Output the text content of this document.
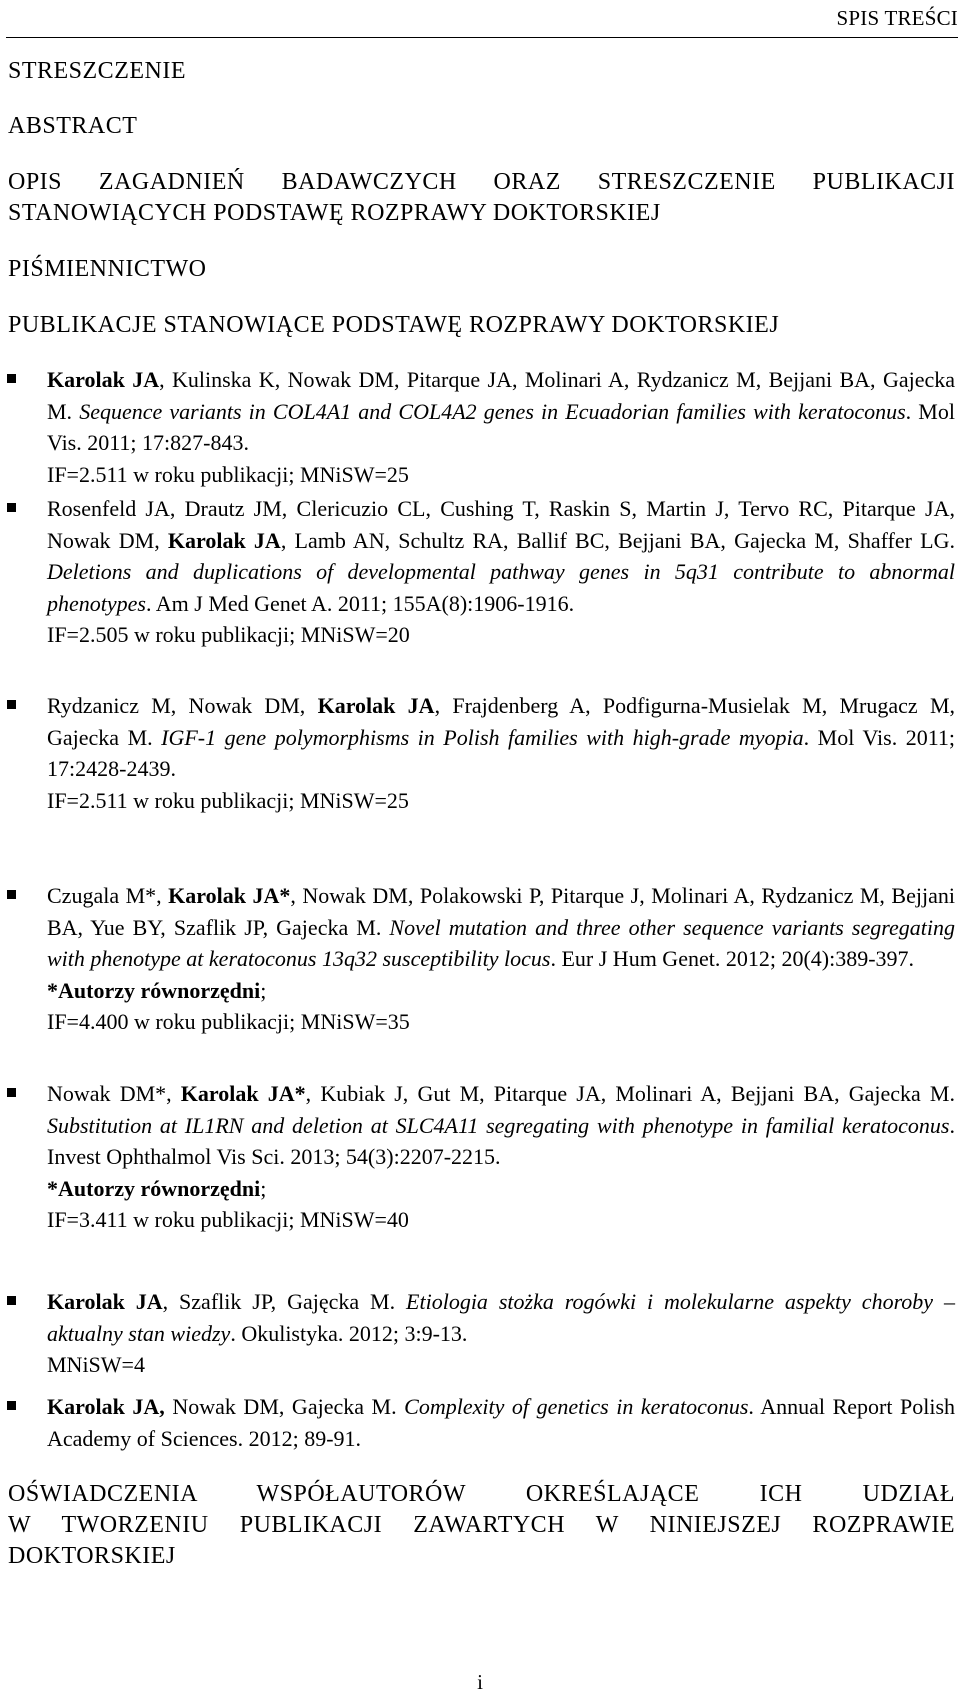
SPIS TREŚCI
STRESZCZENIE
ABSTRACT
OPIS ZAGADNIEŃ BADAWCZYCH ORAZ STRESZCZENIE PUBLIKACJI
STANOWIĄCYCH PODSTAWĘ ROZPRAWY DOKTORSKIEJ
PIŚMIENNICTWO
PUBLIKACJE STANOWIĄCE PODSTAWĘ ROZPRAWY DOKTORSKIEJ
Karolak JA, Kulinska K, Nowak DM, Pitarque JA, Molinari A, Rydzanicz M, Bejjani BA, Gajecka M. Sequence variants in COL4A1 and COL4A2 genes in Ecuadorian families with keratoconus. Mol Vis. 2011; 17:827-843.
IF=2.511 w roku publikacji; MNiSW=25
Rosenfeld JA, Drautz JM, Clericuzio CL, Cushing T, Raskin S, Martin J, Tervo RC, Pitarque JA, Nowak DM, Karolak JA, Lamb AN, Schultz RA, Ballif BC, Bejjani BA, Gajecka M, Shaffer LG. Deletions and duplications of developmental pathway genes in 5q31 contribute to abnormal phenotypes. Am J Med Genet A. 2011; 155A(8):1906-1916.
IF=2.505 w roku publikacji; MNiSW=20
Rydzanicz M, Nowak DM, Karolak JA, Frajdenberg A, Podfigurna-Musielak M, Mrugacz M, Gajecka M. IGF-1 gene polymorphisms in Polish families with high-grade myopia. Mol Vis. 2011; 17:2428-2439.
IF=2.511 w roku publikacji; MNiSW=25
Czugala M*, Karolak JA*, Nowak DM, Polakowski P, Pitarque J, Molinari A, Rydzanicz M, Bejjani BA, Yue BY, Szaflik JP, Gajecka M. Novel mutation and three other sequence variants segregating with phenotype at keratoconus 13q32 susceptibility locus. Eur J Hum Genet. 2012; 20(4):389-397.
*Autorzy równorzędni;
IF=4.400 w roku publikacji; MNiSW=35
Nowak DM*, Karolak JA*, Kubiak J, Gut M, Pitarque JA, Molinari A, Bejjani BA, Gajecka M. Substitution at IL1RN and deletion at SLC4A11 segregating with phenotype in familial keratoconus. Invest Ophthalmol Vis Sci. 2013; 54(3):2207-2215.
*Autorzy równorzędni;
IF=3.411 w roku publikacji; MNiSW=40
Karolak JA, Szaflik JP, Gajęcka M. Etiologia stożka rogówki i molekularne aspekty choroby – aktualny stan wiedzy. Okulistyka. 2012; 3:9-13.
MNiSW=4
Karolak JA, Nowak DM, Gajecka M. Complexity of genetics in keratoconus. Annual Report Polish Academy of Sciences. 2012; 89-91.
OŚWIADCZENIA WSPÓŁAUTORÓW OKREŚLAJĄCE ICH UDZIAŁ
W TWORZENIU PUBLIKACJI ZAWARTYCH W NINIEJSZEJ ROZPRAWIE
DOKTORSKIEJ
i
